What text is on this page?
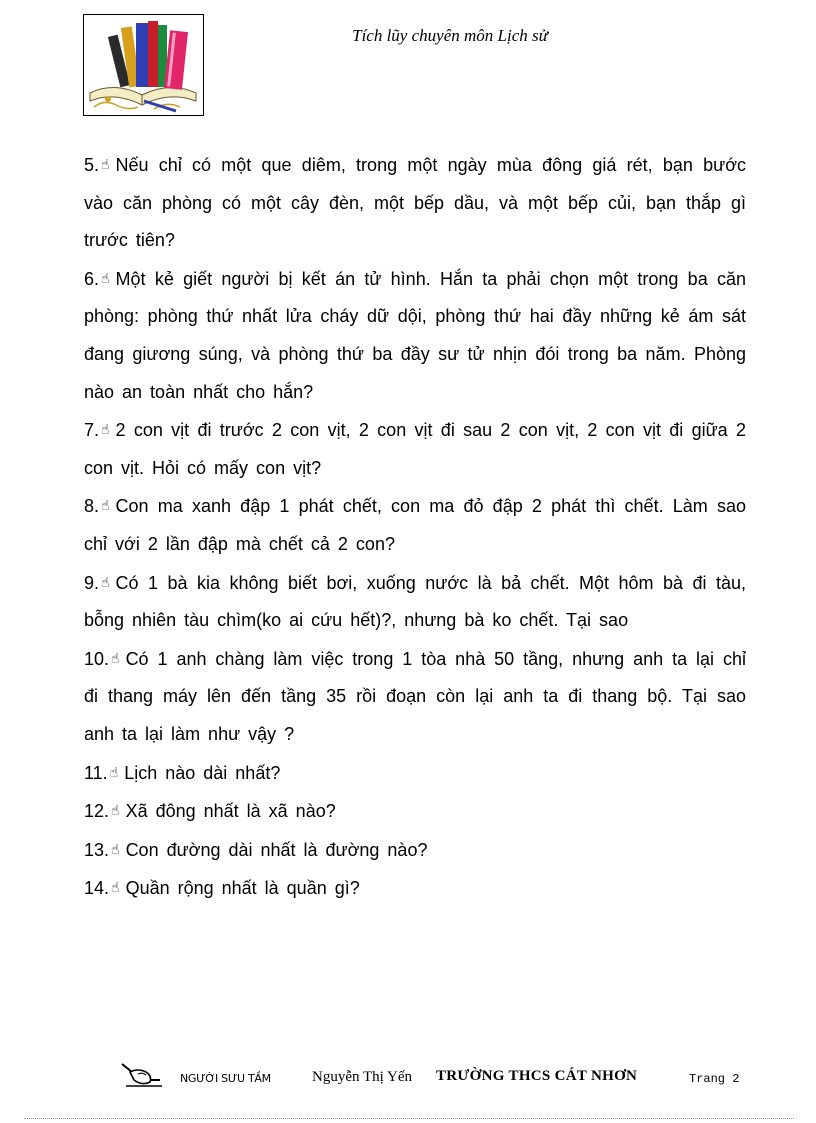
Tích lũy chuyên môn Lịch sử

5. ☝ Nếu chỉ có một que diêm, trong một ngày mùa đông giá rét, bạn bước vào căn phòng có một cây đèn, một bếp dầu, và một bếp củi, bạn thắp gì trước tiên?

6. ☝ Một kẻ giết người bị kết án tử hình. Hắn ta phải chọn một trong ba căn phòng: phòng thứ nhất lửa cháy dữ dội, phòng thứ hai đầy những kẻ ám sát đang giương súng, và phòng thứ ba đầy sư tử nhịn đói trong ba năm. Phòng nào an toàn nhất cho hắn?

7. ☝ 2 con vịt đi trước 2 con vịt, 2 con vịt đi sau 2 con vịt, 2 con vịt đi giữa 2 con vịt. Hỏi có mấy con vịt?

8. ☝ Con ma xanh đập 1 phát chết, con ma đỏ đập 2 phát thì chết. Làm sao chỉ với 2 lần đập mà chết cả 2 con?

9. ☝ Có 1 bà kia không biết bơi, xuống nước là bả chết. Một hôm bà đi tàu, bỗng nhiên tàu chìm(ko ai cứu hết)?, nhưng bà ko chết. Tại sao

10. ☝ Có 1 anh chàng làm việc trong 1 tòa nhà 50 tầng, nhưng anh ta lại chỉ đi thang máy lên đến tầng 35 rồi đoạn còn lại anh ta đi thang bộ. Tại sao anh ta lại làm như vậy ?

11. ☝ Lịch nào dài nhất?

12. ☝ Xã đông nhất là xã nào?

13. ☝ Con đường dài nhất là đường nào?

14. ☝ Quần rộng nhất là quần gì?

NGƯỜI SƯU TẦM	Nguyễn Thị Yến TRƯỜNG THCS CÁT NHƠN	Trang 2
